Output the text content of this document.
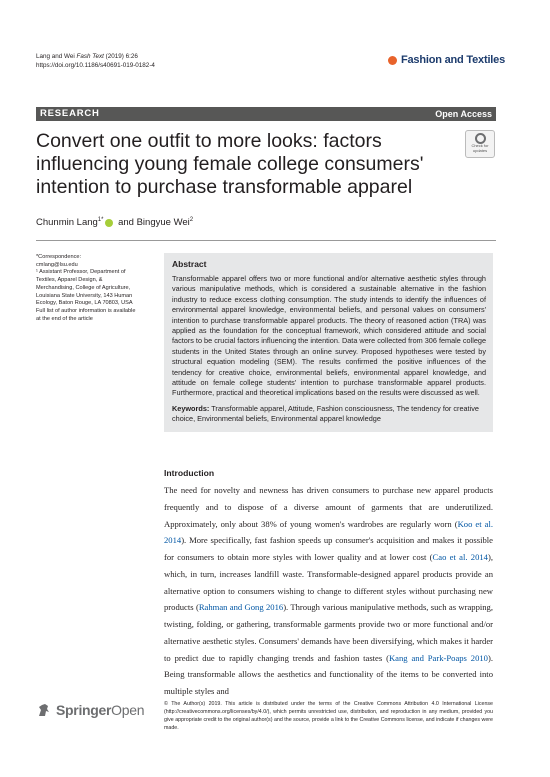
Lang and Wei Fash Text (2019) 6:26
https://doi.org/10.1186/s40691-019-0182-4	Fashion and Textiles
RESEARCH	Open Access
Convert one outfit to more looks: factors influencing young female college consumers' intention to purchase transformable apparel
Check for
updates
Chunmin Lang$^{1*}$ and Bingyue Wei$^2$

*Correspondence:

cmlang@lsu.edu

¹ Assistant Professor, Department of Textiles, Apparel Design, & Merchandising, College of Agriculture, Louisiana State University, 143 Human Ecology, Baton Rouge, LA 70803, USA

Full list of author information is available at the end of the article

Abstract
Transformable apparel offers two or more functional and/or alternative aesthetic styles through various manipulative methods, which is considered a sustainable alternative in the fashion industry to reduce excess clothing consumption. The study intends to identify the influences of environmental apparel knowledge, environmental beliefs, and personal values on consumers' intention to purchase transformable apparel products. The theory of reasoned action (TRA) was applied as the foundation for the conceptual framework, which considered attitude and social factors to be crucial factors influencing the intention. Data were collected from 306 female college students in the United States through an online survey. Proposed hypotheses were tested by structural equation modeling (SEM). The results confirmed the positive influences of the tendency for creative choice, environmental beliefs, environmental apparel knowledge, and attitude on female college students' intention to purchase transformable apparel products. Furthermore, practical and theoretical implications based on the results were discussed as well.
Keywords: Transformable apparel, Attitude, Fashion consciousness, The tendency for creative choice, Environmental beliefs, Environmental apparel knowledge
Introduction
The need for novelty and newness has driven consumers to purchase new apparel products frequently and to dispose of a diverse amount of garments that are underutilized. Approximately, only about 38% of young women's wardrobes are regularly worn (Koo et al. 2014). More specifically, fast fashion speeds up consumer's acquisition and makes it possible for consumers to obtain more styles with lower quality and at lower cost (Cao et al. 2014), which, in turn, increases landfill waste. Transformable-designed apparel products provide an alternative option to consumers wishing to change to different styles without purchasing new products (Rahman and Gong 2016). Through various manipulative methods, such as wrapping, twisting, folding, or gathering, transformable garments provide two or more functional and/or alternative aesthetic styles. Consumers' demands have been diversifying, which makes it harder to predict due to rapidly changing trends and fashion tastes (Kang and Park-Poaps 2010). Being transformable allows the aesthetics and functionality of the items to be converted into multiple styles and
SpringerOpen	© The Author(s) 2019. This article is distributed under the terms of the Creative Commons Attribution 4.0 International License (http://creativecommons.org/licenses/by/4.0/), which permits unrestricted use, distribution, and reproduction in any medium, provided you give appropriate credit to the original author(s) and the source, provide a link to the Creative Commons license, and indicate if changes were made.
